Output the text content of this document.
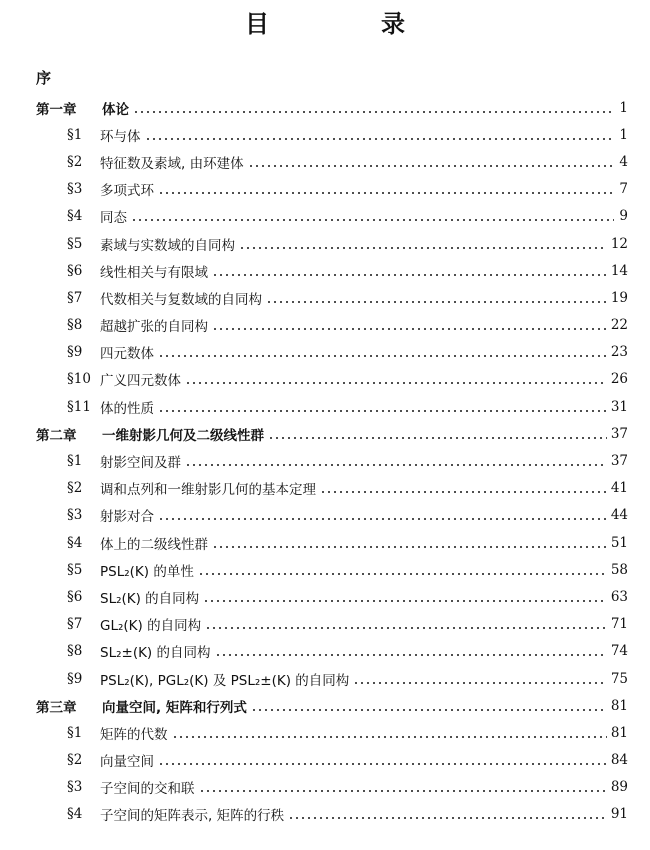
目　录
序
第一章	体论	1
§1	环与体	1
§2	特征数及素域, 由环建体	4
§3	多项式环	7
§4	同态	9
§5	素域与实数域的自同构	12
§6	线性相关与有限域	14
§7	代数相关与复数域的自同构	19
§8	超越扩张的自同构	22
§9	四元数体	23
§10 广义四元数体	26
§11 体的性质	31
第二章	一维射影几何及二级线性群	37
§1	射影空间及群	37
§2	调和点列和一维射影几何的基本定理	41
§3	射影对合	44
§4	体上的二级线性群	51
§5	PSL₂(K) 的单性	58
§6	SL₂(K) 的自同构	63
§7	GL₂(K) 的自同构	71
§8	SL₂±(K) 的自同构	74
§9	PSL₂(K), PGL₂(K) 及 PSL₂±(K) 的自同构	75
第三章	向量空间, 矩阵和行列式	81
§1	矩阵的代数	81
§2	向量空间	84
§3	子空间的交和联	89
§4	子空间的矩阵表示, 矩阵的行秩	91
